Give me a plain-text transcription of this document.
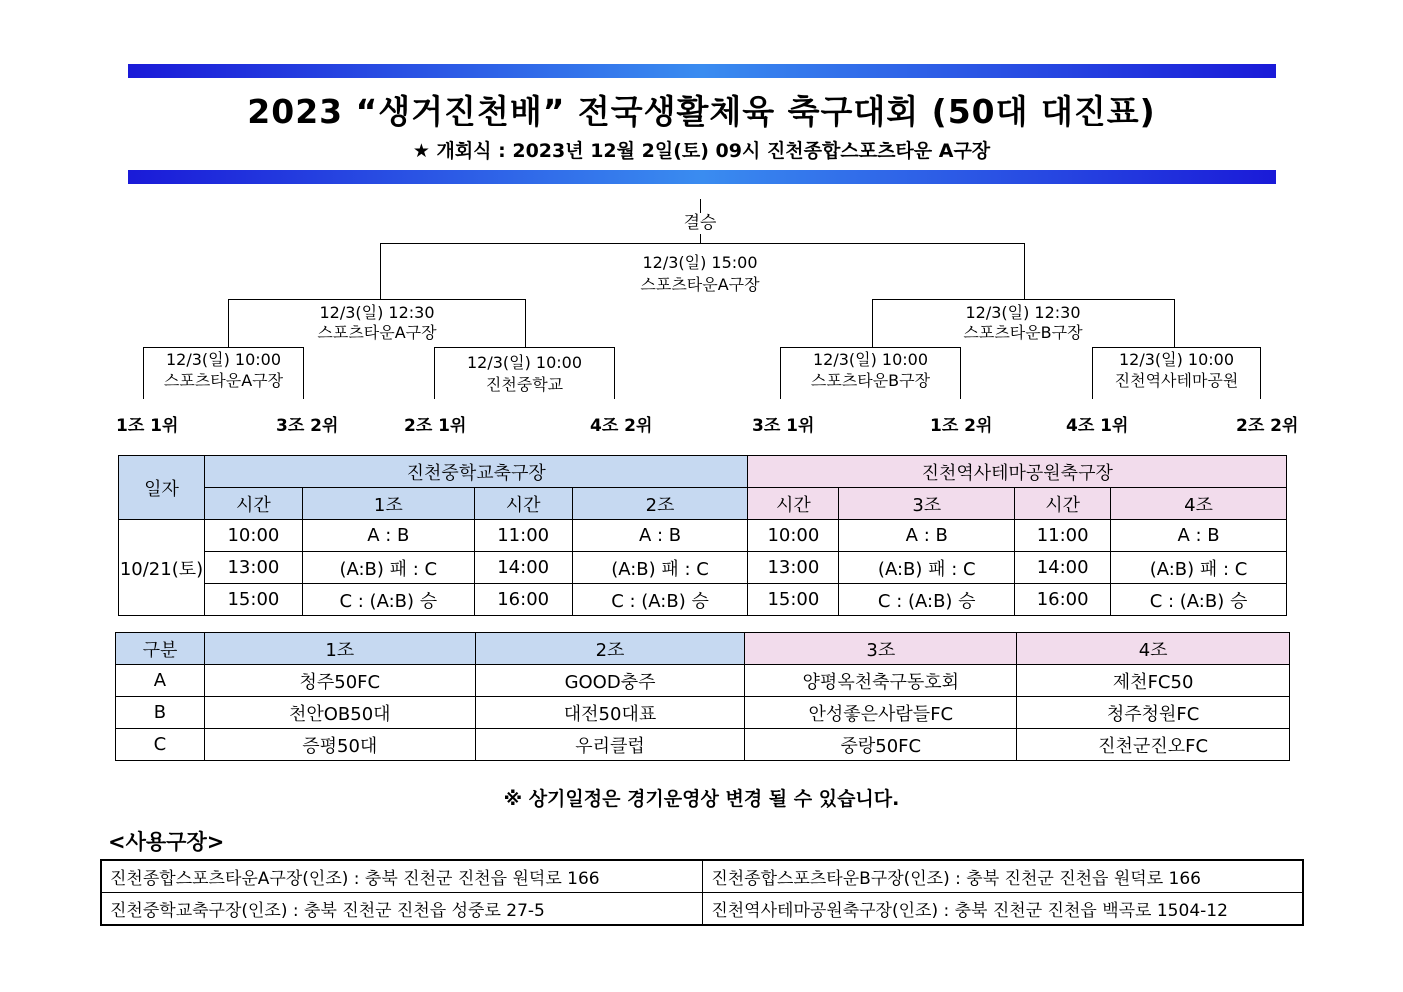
2023 “생거진천배” 전국생활체육 축구대회 (50대 대진표)
★ 개회식 : 2023년 12월 2일(토) 09시 진천종합스포츠타운 A구장
결승
12/3(일) 15:00
스포츠타운A구장
12/3(일) 12:30
스포츠타운A구장
12/3(일) 12:30
스포츠타운B구장
12/3(일) 10:00
스포츠타운A구장
12/3(일) 10:00
진천중학교
12/3(일) 10:00
스포츠타운B구장
12/3(일) 10:00
진천역사테마공원
1조 1위	3조 2위	2조 1위	4조 2위	3조 1위	1조 2위	4조 1위	2조 2위
일자	진천중학교축구장				진천역사테마공원축구장			
	시간	1조	시간	2조	시간	3조	시간	4조
10/21(토)	10:00	A : B	11:00	A : B	10:00	A : B	11:00	A : B
	13:00	(A:B) 패 : C	14:00	(A:B) 패 : C	13:00	(A:B) 패 : C	14:00	(A:B) 패 : C
	15:00	C : (A:B) 승	16:00	C : (A:B) 승	15:00	C : (A:B) 승	16:00	C : (A:B) 승
구분	1조	2조	3조	4조
A	청주50FC	GOOD충주	양평옥천축구동호회	제천FC50
B	천안OB50대	대전50대표	안성좋은사람들FC	청주청원FC
C	증평50대	우리클럽	중랑50FC	진천군진오FC
※ 상기일정은 경기운영상 변경 될 수 있습니다.
<사용구장>
진천종합스포츠타운A구장(인조) : 충북 진천군 진천읍 원덕로 166	진천종합스포츠타운B구장(인조) : 충북 진천군 진천읍 원덕로 166
진천중학교축구장(인조) : 충북 진천군 진천읍 성중로 27-5	진천역사테마공원축구장(인조) : 충북 진천군 진천읍 백곡로 1504-12
